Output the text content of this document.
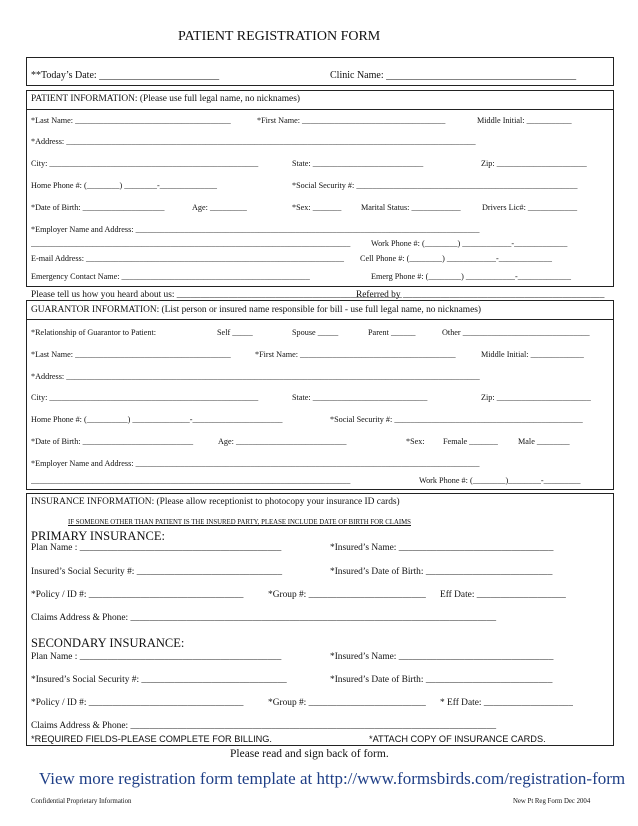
PATIENT REGISTRATION FORM
**Today’s Date: ________________________	Clinic Name: ______________________________________
PATIENT INFORMATION: (Please use full legal name, no nicknames)
*Last Name: ______________________________________	*First Name: ___________________________________	Middle Initial: ___________
*Address: ____________________________________________________________________________________________________
City: ___________________________________________________	State: ___________________________	Zip: ______________________
Home Phone #: (________) ________-______________	*Social Security #: ______________________________________________________
*Date of Birth: ____________________	Age: _________	*Sex: _______ Marital Status: ____________	Drivers Lic#: ____________
*Employer Name and Address: ____________________________________________________________________________________
______________________________________________________________________________	Work Phone #: (________) ____________-_____________
E-mail Address: _______________________________________________________________ Cell Phone #: (________) ____________-_____________
Emergency Contact Name: ______________________________________________	Emerg Phone #: (________) ____________-_____________
Please tell us how you heard about us: ________________________________________________
Referred by ___________________________________________
GUARANTOR INFORMATION: (List person or insured name responsible for bill - use full legal name, no nicknames)
*Relationship of Guarantor to Patient:	Self _____	Spouse _____	Parent ______	Other _______________________________
*Last Name: ______________________________________	*First Name: ______________________________________	Middle Initial: _____________
*Address: _____________________________________________________________________________________________________
City: ___________________________________________________	State: ____________________________	Zip: _______________________
Home Phone #: (__________) ______________-______________________	*Social Security #: ______________________________________________
*Date of Birth: ___________________________	Age: ___________________________	*Sex: Female _______ Male ________
*Employer Name and Address: ____________________________________________________________________________________
______________________________________________________________________________	Work Phone #: (________)________-_________
INSURANCE INFORMATION: (Please allow receptionist to photocopy your insurance ID cards)
IF SOMEONE OTHER THAN PATIENT IS THE INSURED PARTY, PLEASE INCLUDE DATE OF BIRTH FOR CLAIMS
PRIMARY INSURANCE:
Plan Name : ___________________________________________	*Insured’s Name: _________________________________
Insured’s Social Security #: _______________________________	*Insured’s Date of Birth: ___________________________
*Policy / ID #: _________________________________	*Group #: _________________________ Eff Date: ___________________
Claims Address & Phone: ______________________________________________________________________________
SECONDARY INSURANCE:
Plan Name : ___________________________________________	*Insured’s Name: _________________________________
*Insured’s Social Security #: _______________________________	*Insured’s Date of Birth: ___________________________
*Policy / ID #: _________________________________	*Group #: _________________________ * Eff Date: ___________________
Claims Address & Phone: ______________________________________________________________________________
*REQUIRED FIELDS-PLEASE COMPLETE FOR BILLING.	*ATTACH COPY OF INSURANCE CARDS.
Please read and sign back of form.
View more registration form template at http://www.formsbirds.com/registration-form
Confidential Proprietary Information	New Pt Reg Form Dec 2004
